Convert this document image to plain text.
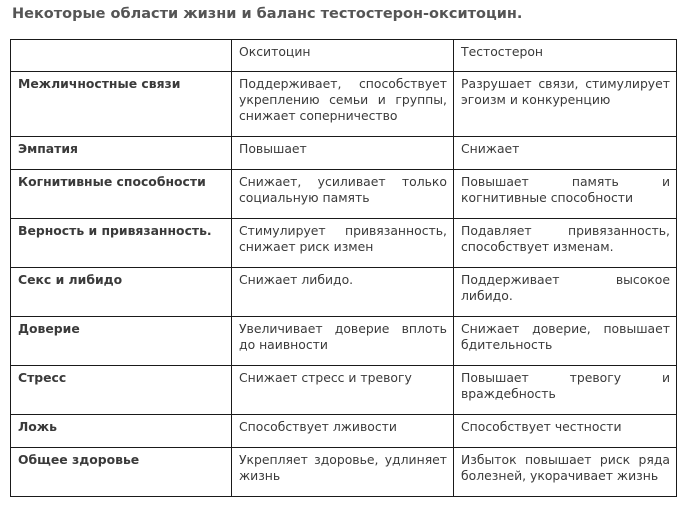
Некоторые области жизни и баланс тестостерон-окситоцин.
	Окситоцин	Тестостерон
Межличностные связи	Поддерживает, способствует укреплению семьи и группы, снижает соперничество	Разрушает связи, стимулирует эгоизм и конкуренцию
Эмпатия	Повышает	Снижает
Когнитивные способности	Снижает, усиливает только социальную память	Повышает память и когнитивные способности
Верность и привязанность.	Стимулирует привязанность, снижает риск измен	Подавляет привязанность, способствует изменам.
Секс и либидо	Снижает либидо.	Поддерживает высокое либидо.
Доверие	Увеличивает доверие вплоть до наивности	Снижает доверие, повышает бдительность
Стресс	Снижает стресс и тревогу	Повышает тревогу и враждебность
Ложь	Способствует лживости	Способствует честности
Общее здоровье	Укрепляет здоровье, удлиняет жизнь	Избыток повышает риск ряда болезней, укорачивает жизнь
